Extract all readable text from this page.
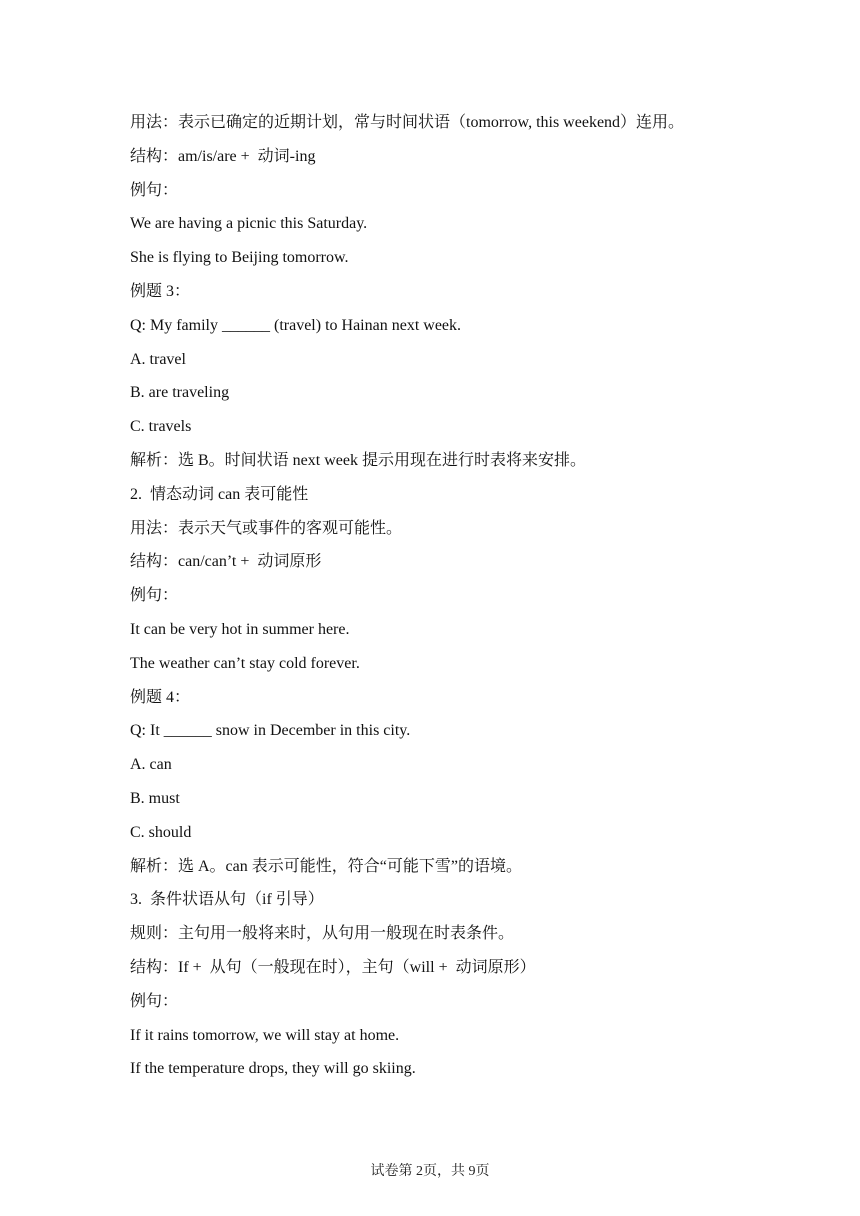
用法：表示已确定的近期计划，常与时间状语（tomorrow, this weekend）连用。
结构：am/is/are +  动词-ing
例句：
We are having a picnic this Saturday.
She is flying to Beijing tomorrow.
例题 3：
Q: My family ______ (travel) to Hainan next week.
A. travel
B. are traveling
C. travels
解析：选 B。时间状语 next week 提示用现在进行时表将来安排。
2.  情态动词 can 表可能性
用法：表示天气或事件的客观可能性。
结构：can/can’t +  动词原形
例句：
It can be very hot in summer here.
The weather can’t stay cold forever.
例题 4：
Q: It ______ snow in December in this city.
A. can
B. must
C. should
解析：选 A。can 表示可能性，符合“可能下雪”的语境。
3.  条件状语从句（if 引导）
规则：主句用一般将来时，从句用一般现在时表条件。
结构：If +  从句（一般现在时），主句（will +  动词原形）
例句：
If it rains tomorrow, we will stay at home.
If the temperature drops, they will go skiing.
试卷第 2页，共 9页
